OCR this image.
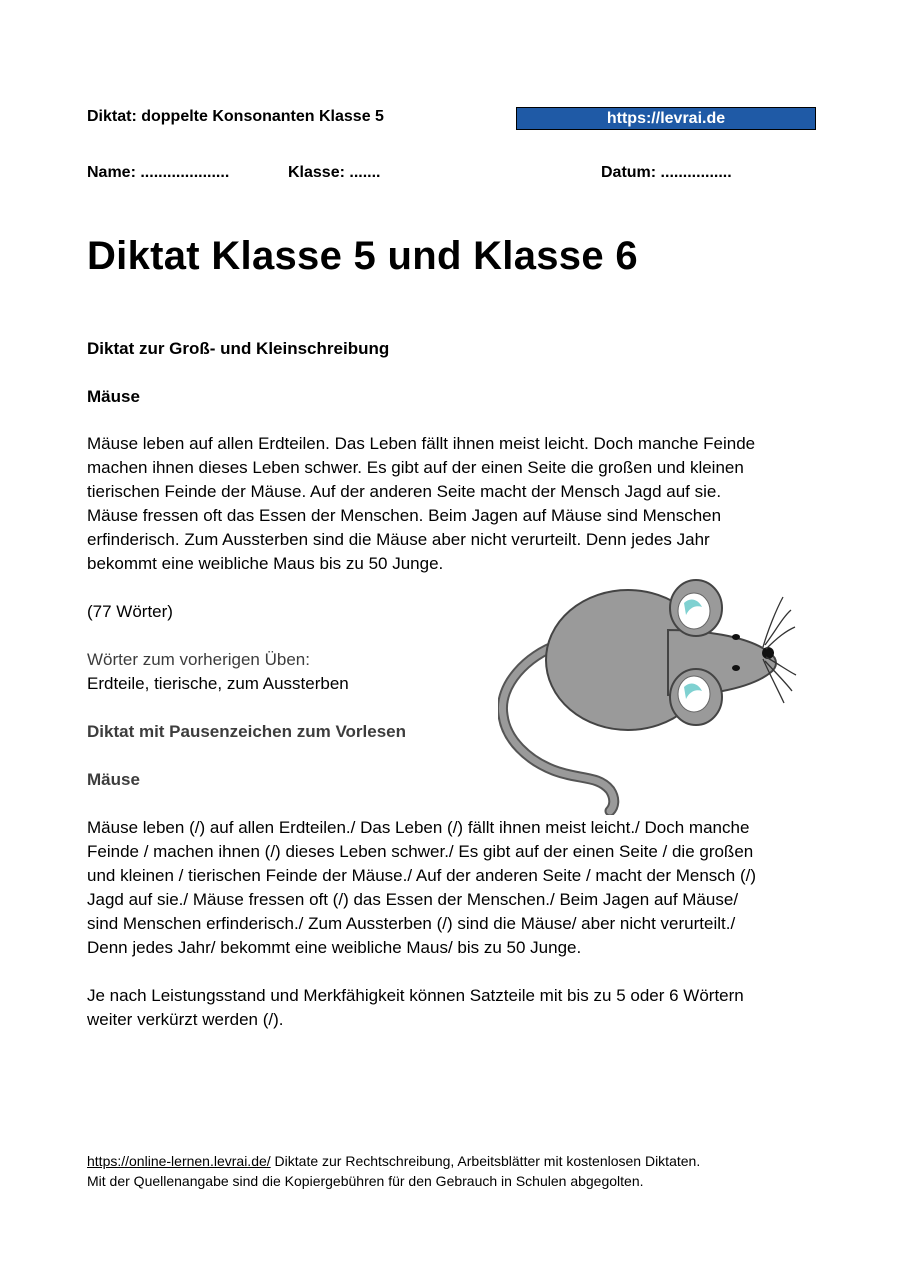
Diktat: doppelte Konsonanten Klasse 5	https://levrai.de
Name: ....................	Klasse: .......	Datum: ................
Diktat Klasse 5 und Klasse 6
Diktat zur Groß- und Kleinschreibung
Mäuse
Mäuse leben auf allen Erdteilen. Das Leben fällt ihnen meist leicht. Doch manche Feinde
machen ihnen dieses Leben schwer. Es gibt auf der einen Seite die großen und kleinen
tierischen Feinde der Mäuse. Auf der anderen Seite macht der Mensch Jagd auf sie.
Mäuse fressen oft das Essen der Menschen. Beim Jagen auf Mäuse sind Menschen
erfinderisch. Zum Aussterben sind die Mäuse aber nicht verurteilt. Denn jedes Jahr
bekommt eine weibliche Maus bis zu 50 Junge.
(77 Wörter)
Wörter zum vorherigen Üben:
Erdteile, tierische, zum Aussterben
Diktat mit Pausenzeichen zum Vorlesen
Mäuse
Mäuse leben (/) auf allen Erdteilen./ Das Leben (/) fällt ihnen meist leicht./ Doch manche
Feinde / machen ihnen (/) dieses Leben schwer./ Es gibt auf der einen Seite / die großen
und kleinen / tierischen Feinde der Mäuse./ Auf der anderen Seite / macht der Mensch (/)
Jagd auf sie./ Mäuse fressen oft (/) das Essen der Menschen./ Beim Jagen auf Mäuse/
sind Menschen erfinderisch./ Zum Aussterben (/) sind die Mäuse/ aber nicht verurteilt./
Denn jedes Jahr/ bekommt eine weibliche Maus/ bis zu 50 Junge.
Je nach Leistungsstand und Merkfähigkeit können Satzteile mit bis zu 5 oder 6 Wörtern
weiter verkürzt werden (/).
https://online-lernen.levrai.de/ Diktate zur Rechtschreibung, Arbeitsblätter mit kostenlosen Diktaten.
Mit der Quellenangabe sind die Kopiergebühren für den Gebrauch in Schulen abgegolten.
